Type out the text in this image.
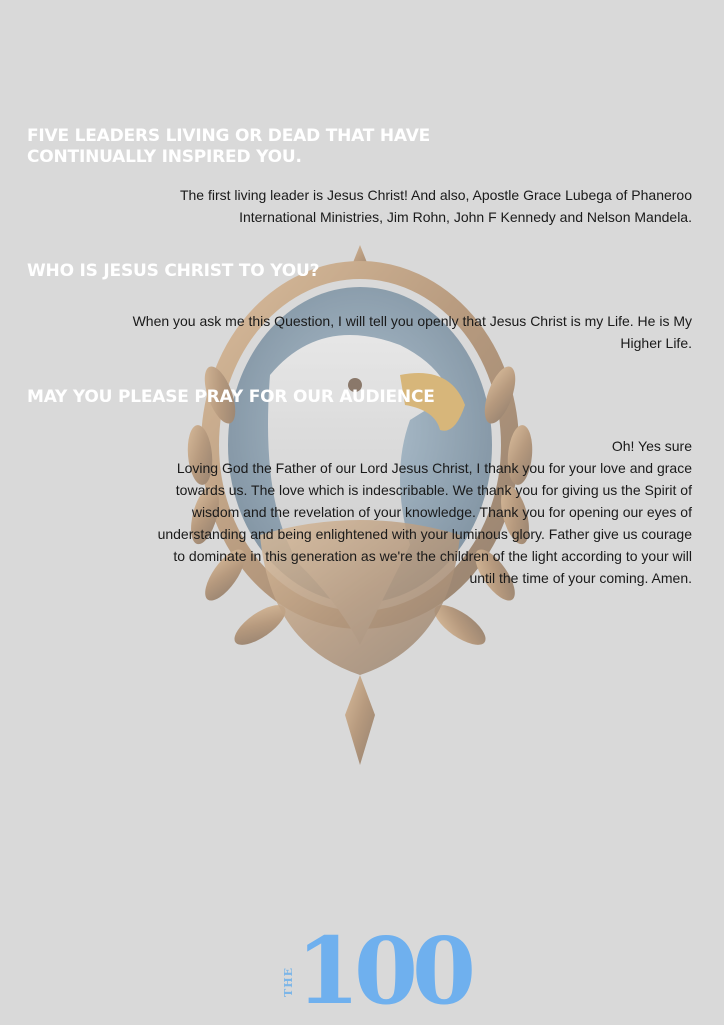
FIVE LEADERS LIVING OR DEAD THAT HAVE CONTINUALLY INSPIRED YOU.
The first living leader is Jesus Christ! And also, Apostle Grace Lubega of Phaneroo
International Ministries, Jim Rohn, John F Kennedy and Nelson Mandela.
WHO IS JESUS CHRIST TO YOU?
When you ask me this Question, I will tell you openly that Jesus Christ is my Life. He is My
Higher Life.
MAY YOU PLEASE PRAY FOR OUR AUDIENCE
Oh! Yes sure
Loving God the Father of our Lord Jesus Christ, I thank you for your love and grace
towards us. The love which is indescribable. We thank you for giving us the Spirit of
wisdom and the revelation of your knowledge. Thank you for opening our eyes of
understanding and being enlightened with your luminous glory. Father give us courage
to dominate in this generation as we're the children of the light according to your will
until the time of your coming. Amen.
THE 100
